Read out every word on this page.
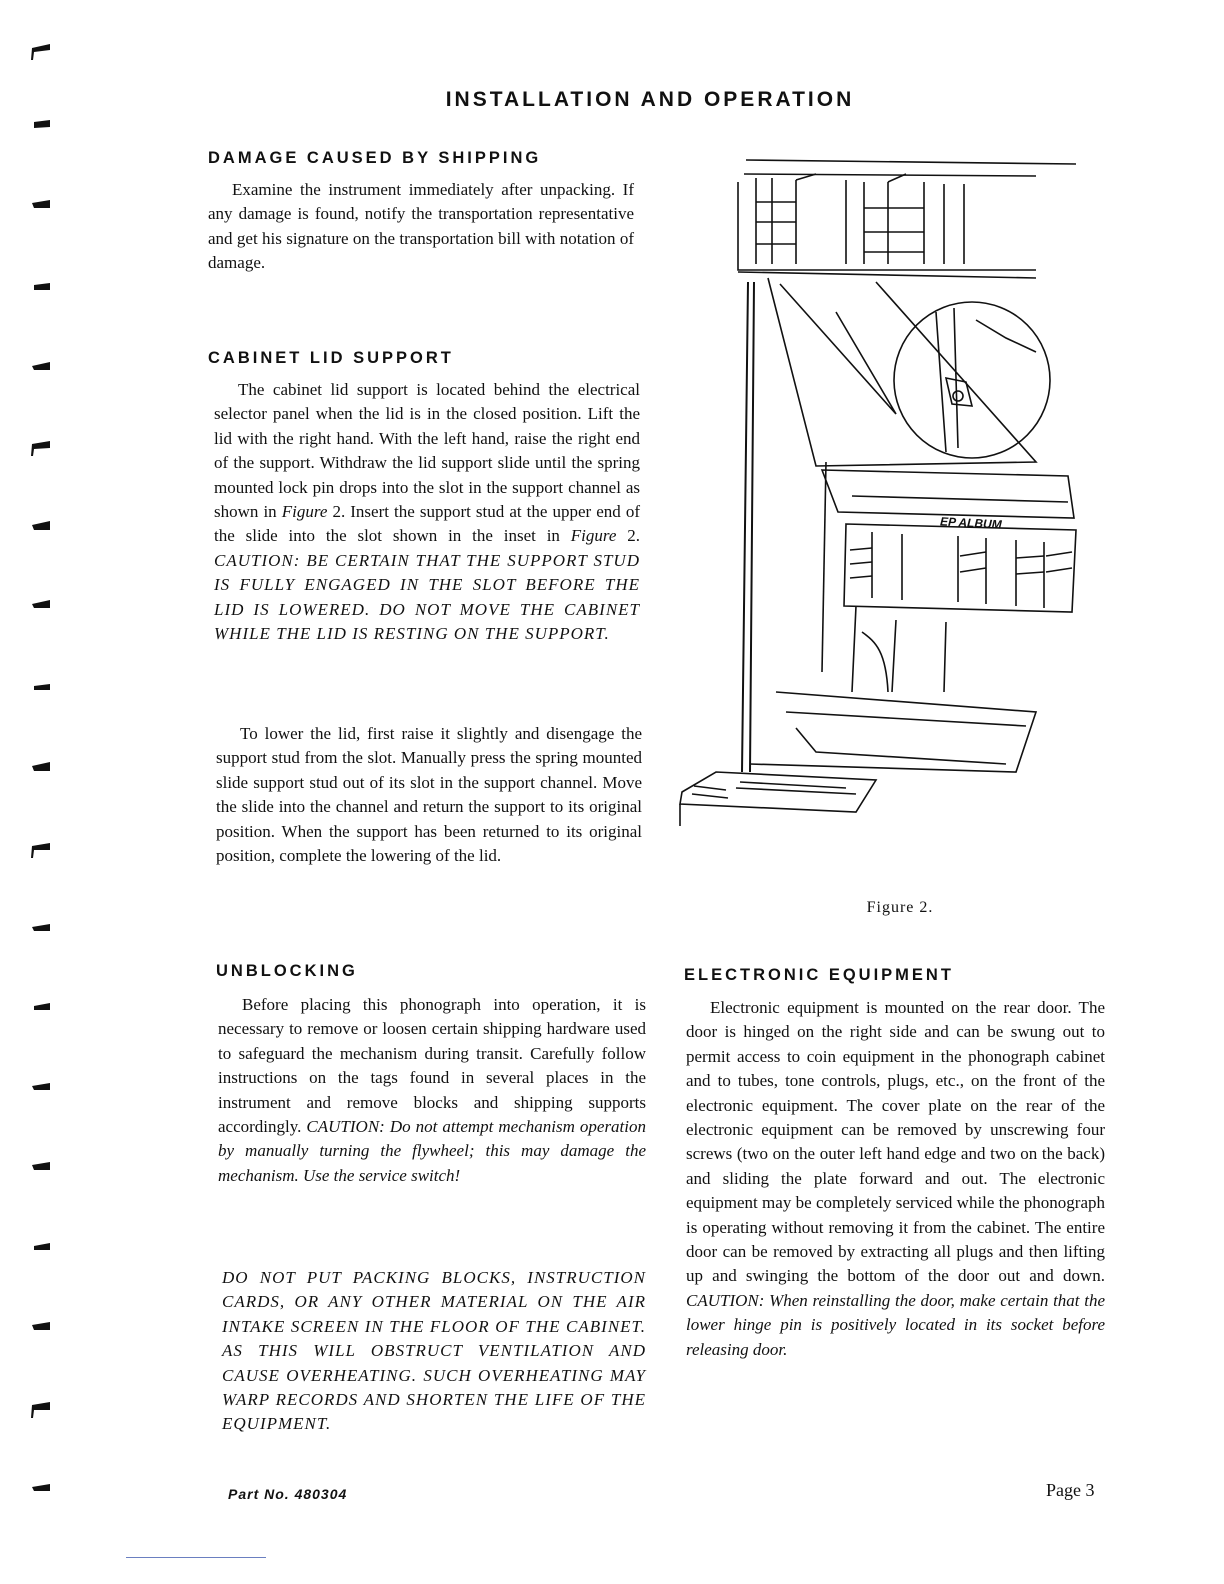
INSTALLATION AND OPERATION
DAMAGE CAUSED BY SHIPPING

Examine the instrument immediately after unpacking. If any damage is found, notify the transportation representative and get his signature on the transportation bill with notation of damage.

CABINET LID SUPPORT

The cabinet lid support is located behind the electrical selector panel when the lid is in the closed position. Lift the lid with the right hand. With the left hand, raise the right end of the support. Withdraw the lid support slide until the spring mounted lock pin drops into the slot in the support channel as shown in Figure 2. Insert the support stud at the upper end of the slide into the slot shown in the inset in Figure 2. CAUTION: BE CERTAIN THAT THE SUPPORT STUD IS FULLY ENGAGED IN THE SLOT BEFORE THE LID IS LOWERED. DO NOT MOVE THE CABINET WHILE THE LID IS RESTING ON THE SUPPORT.

To lower the lid, first raise it slightly and disengage the support stud from the slot. Manually press the spring mounted slide support stud out of its slot in the support channel. Move the slide into the channel and return the support to its original position. When the support has been returned to its original position, complete the lowering of the lid.

UNBLOCKING

Before placing this phonograph into operation, it is necessary to remove or loosen certain shipping hardware used to safeguard the mechanism during transit. Carefully follow instructions on the tags found in several places in the instrument and remove blocks and shipping supports accordingly. CAUTION: Do not attempt mechanism operation by manually turning the flywheel; this may damage the mechanism. Use the service switch!

DO NOT PUT PACKING BLOCKS, INSTRUCTION CARDS, OR ANY OTHER MATERIAL ON THE AIR INTAKE SCREEN IN THE FLOOR OF THE CABINET. AS THIS WILL OBSTRUCT VENTILATION AND CAUSE OVERHEATING. SUCH OVERHEATING MAY WARP RECORDS AND SHORTEN THE LIFE OF THE EQUIPMENT.

ELECTRONIC EQUIPMENT

Electronic equipment is mounted on the rear door. The door is hinged on the right side and can be swung out to permit access to coin equipment in the phonograph cabinet and to tubes, tone controls, plugs, etc., on the front of the electronic equipment. The cover plate on the rear of the electronic equipment can be removed by unscrewing four screws (two on the outer left hand edge and two on the back) and sliding the plate forward and out. The electronic equipment may be completely serviced while the phonograph is operating without removing it from the cabinet. The entire door can be removed by extracting all plugs and then lifting up and swinging the bottom of the door out and down. CAUTION: When reinstalling the door, make certain that the lower hinge pin is positively located in its socket before releasing door.

EP ALBUM
Figure 2.
Part No. 480304	Page 3
